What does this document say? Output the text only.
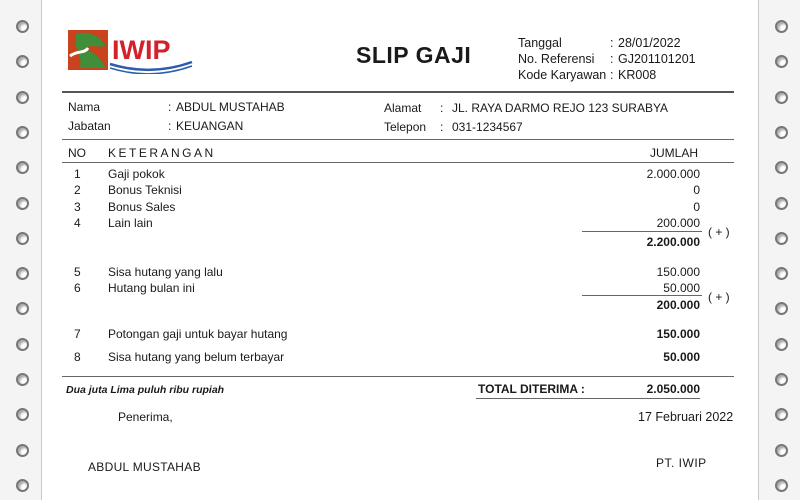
IWIP	SLIP GAJI	Tanggal	: 28/01/2022
No. Referensi : GJ201101201
Kode Karyawan : KR008
Nama	: ABDUL MUSTAHAB
Jabatan	: KEUANGAN
Alamat : JL. RAYA DARMO REJO 123 SURABYA
Telepon : 031-1234567
NO KETERANGAN	JUMLAH
1 Gaji pokok	2.000.000
2 Bonus Teknisi	0
3 Bonus Sales	0
4 Lain lain	200.000
( + )
2.200.000
5 Sisa hutang yang lalu	150.000
6 Hutang bulan ini	50.000
( + )
200.000
7 Potongan gaji untuk bayar hutang	150.000
8 Sisa hutang yang belum terbayar	50.000
Dua juta Lima puluh ribu rupiah	TOTAL DITERIMA :	2.050.000
Penerima,	17 Februari 2022
ABDUL MUSTAHAB	PT. IWIP
